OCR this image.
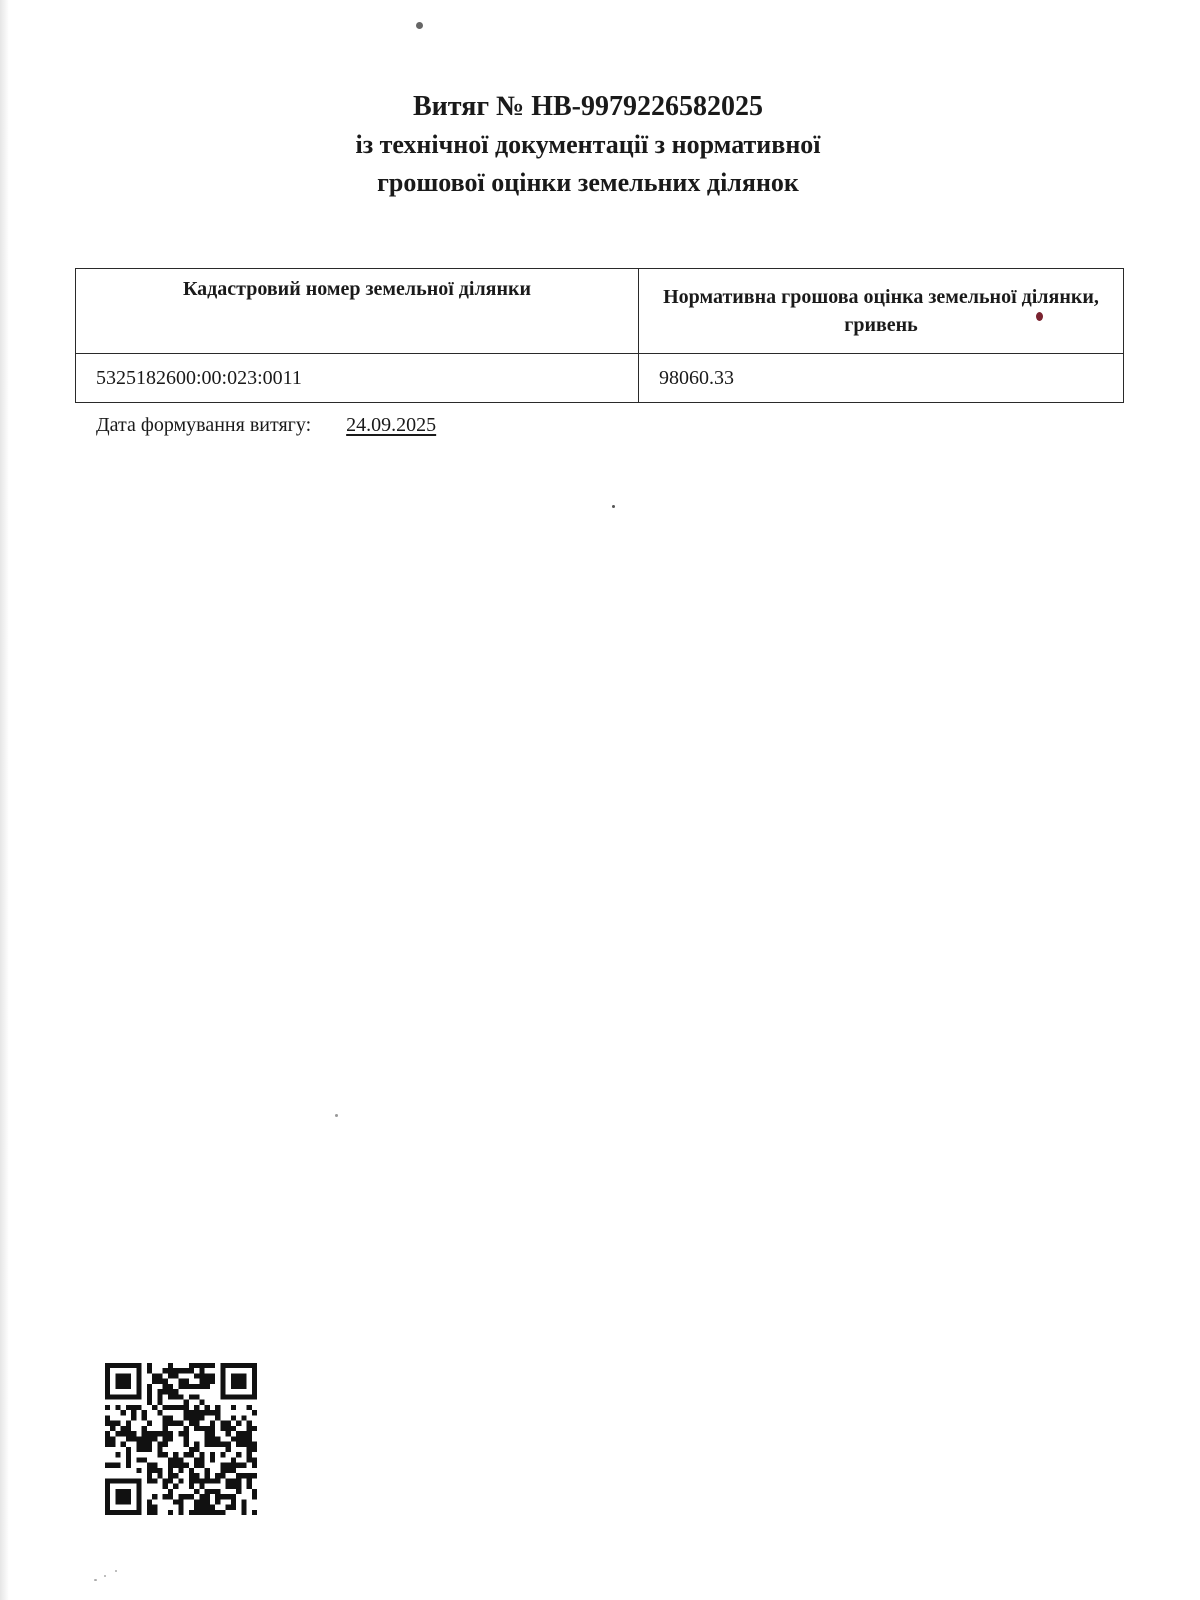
Витяг № НВ-9979226582025
із технічної документації з нормативної
грошової оцінки земельних ділянок
Кадастровий номер земельної ділянки	Нормативна грошова оцінка земельної ділянки, гривень
5325182600:00:023:0011	98060.33
Дата формування витягу: 24.09.2025
